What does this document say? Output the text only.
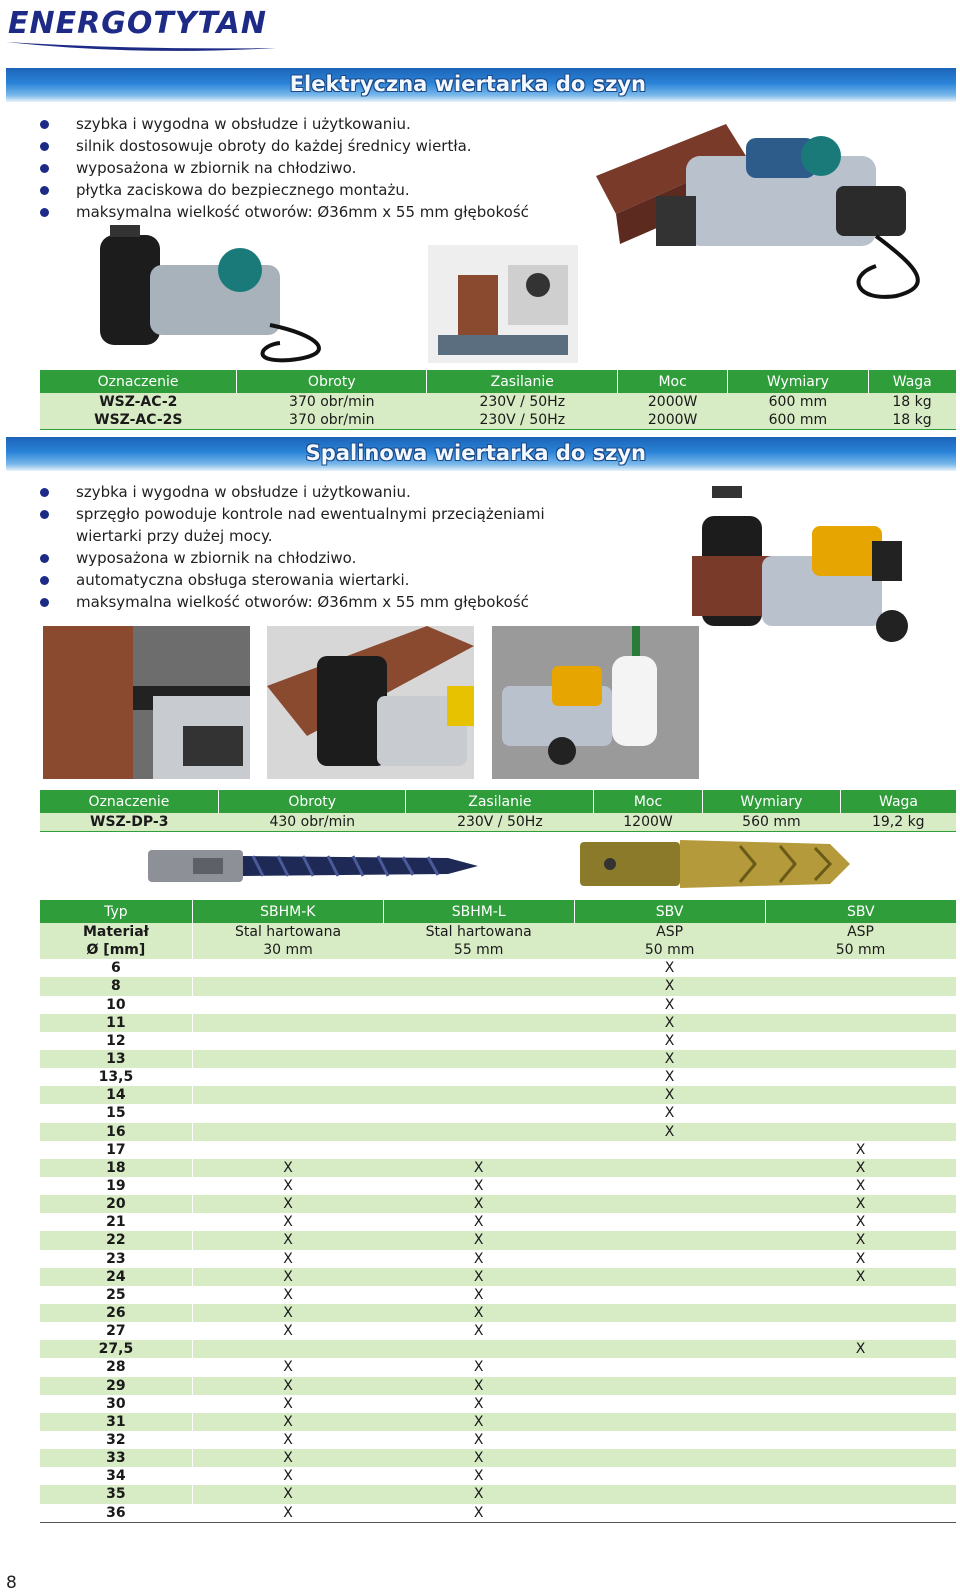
ENERGOTYTAN
Elektryczna wiertarka do szyn
szybka i wygodna w obsłudze i użytkowaniu.
silnik dostosowuje obroty do każdej średnicy wiertła.
wyposażona w zbiornik na chłodziwo.
płytka zaciskowa do bezpiecznego montażu.
maksymalna wielkość otworów: Ø36mm x 55 mm głębokość
Oznaczenie	Obroty	Zasilanie	Moc	Wymiary	Waga
WSZ-AC-2	370 obr/min	230V / 50Hz	2000W	600 mm	18 kg
WSZ-AC-2S	370 obr/min	230V / 50Hz	2000W	600 mm	18 kg
Spalinowa wiertarka do szyn
szybka i wygodna w obsłudze i użytkowaniu.
sprzęgło powoduje kontrole nad ewentualnymi przeciążeniami
wiertarki przy dużej mocy.
wyposażona w zbiornik na chłodziwo.
automatyczna obsługa sterowania wiertarki.
maksymalna wielkość otworów: Ø36mm x 55 mm głębokość
Oznaczenie	Obroty	Zasilanie	Moc	Wymiary	Waga
WSZ-DP-3	430 obr/min	230V / 50Hz	1200W	560 mm	19,2 kg
Typ	SBHM-K	SBHM-L	SBV	SBV
Materiał	Stal hartowana	Stal hartowana	ASP	ASP
Ø [mm]	30 mm	55 mm	50 mm	50 mm
6			X	
8			X	
10			X	
11			X	
12			X	
13			X	
13,5			X	
14			X	
15			X	
16			X	
17				X
18	X	X		X
19	X	X		X
20	X	X		X
21	X	X		X
22	X	X		X
23	X	X		X
24	X	X		X
25	X	X		
26	X	X		
27	X	X		
27,5				X
28	X	X		
29	X	X		
30	X	X		
31	X	X		
32	X	X		
33	X	X		
34	X	X		
35	X	X		
36	X	X		
8
